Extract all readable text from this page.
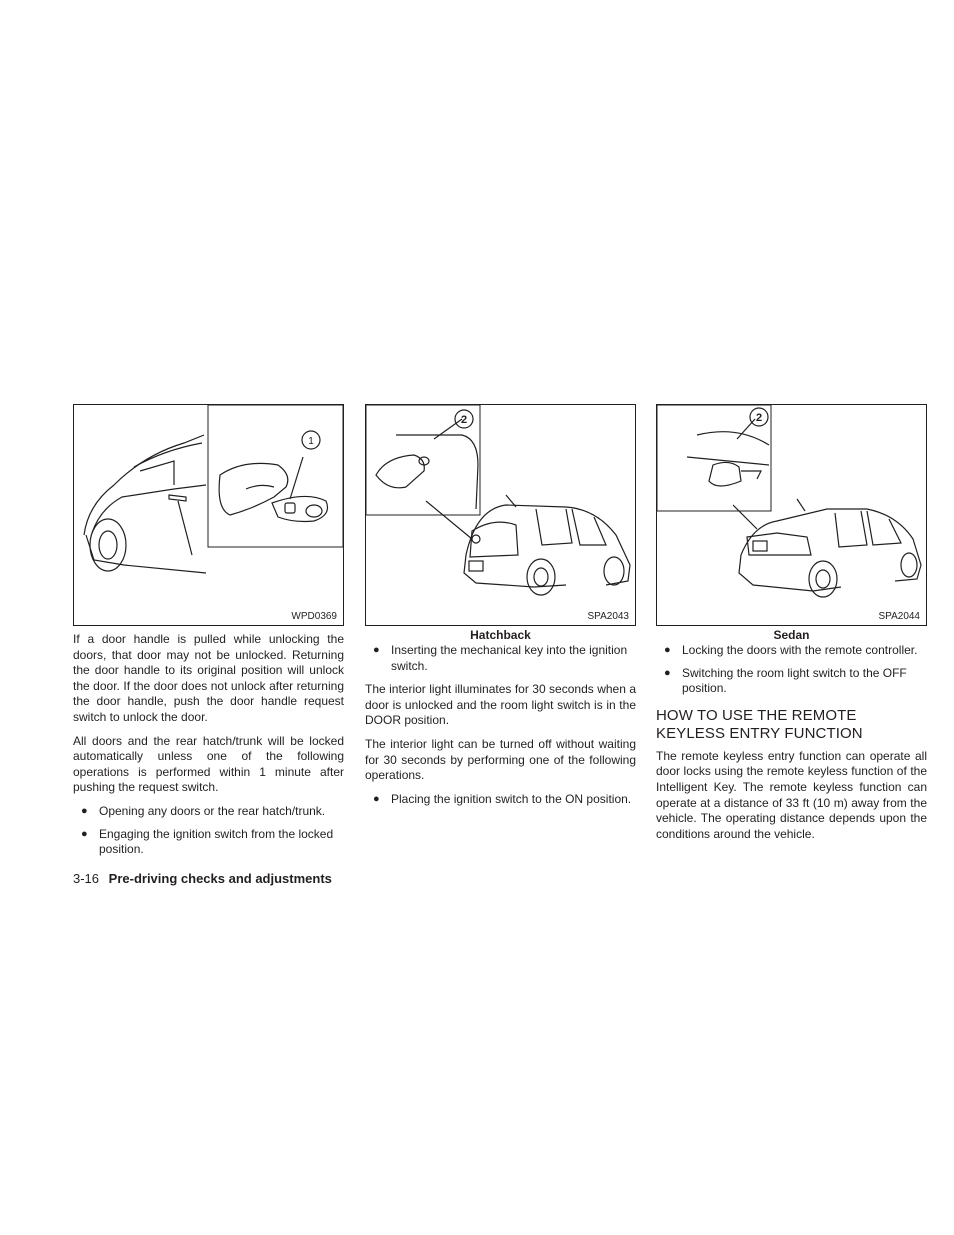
1
WPD0369

If a door handle is pulled while unlocking the doors, that door may not be unlocked. Returning the door handle to its original position will unlock the door. If the door does not unlock after returning the door handle, push the door handle request switch to unlock the door.

All doors and the rear hatch/trunk will be locked automatically unless one of the following operations is performed within 1 minute after pushing the request switch.

● Opening any doors or the rear hatch/trunk.
● Engaging the ignition switch from the locked position.
2
SPA2043
Hatchback
● Inserting the mechanical key into the ignition switch.

The interior light illuminates for 30 seconds when a door is unlocked and the room light switch is in the DOOR position.

The interior light can be turned off without waiting for 30 seconds by performing one of the following operations.

● Placing the ignition switch to the ON position.
2
SPA2044
Sedan
● Locking the doors with the remote controller.
● Switching the room light switch to the OFF position.
HOW TO USE THE REMOTE KEYLESS ENTRY FUNCTION

The remote keyless entry function can operate all door locks using the remote keyless function of the Intelligent Key. The remote keyless function can operate at a distance of 33 ft (10 m) away from the vehicle. The operating distance depends upon the conditions around the vehicle.

3-16 Pre-driving checks and adjustments
